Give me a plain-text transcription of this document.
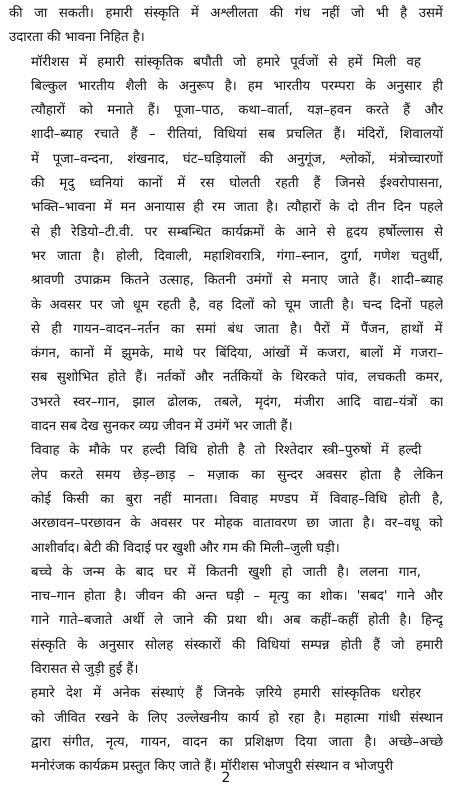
की जा सकती। हमारी संस्कृति में अश्लीलता की गंध नहीं जो भी है उसमें
उदारता की भावना निहित है।

मॉरीशस में हमारी सांस्कृतिक बपौती जो हमारे पूर्वजों से हमें मिली वह
बिल्कुल भारतीय शैली के अनुरूप है। हम भारतीय परम्परा के अनुसार ही
त्यौहारों को मनाते हैं। पूजा–पाठ, कथा–वार्ता, यज्ञ–हवन करते हैं और
शादी–ब्याह रचाते हैं – रीतियां, विधियां सब प्रचलित हैं। मंदिरों, शिवालयों
में पूजा–वन्दना, शंखनाद, घंट–घड़ियालों की अनुगूंज, श्लोकों, मंत्रोच्चारणों
की मृदु ध्वनियां कानों में रस घोलती रहती हैं जिनसे ईश्वरोपासना,
भक्ति–भावना में मन अनायास ही रम जाता है। त्यौहारों के दो तीन दिन पहले
से ही रेडियो–टी.वी. पर सम्बन्धित कार्यक्रमों के आने से हृदय हर्षोल्लास से
भर जाता है। होली, दिवाली, महाशिवरात्रि, गंगा–स्नान, दुर्गा, गणेश चतुर्थी,
श्रावणी उपाक्रम कितने उत्साह, कितनी उमंगों से मनाए जाते हैं। शादी–ब्याह
के अवसर पर जो धूम रहती है, वह दिलों को चूम जाती है। चन्द दिनों पहले
से ही गायन–वादन–नर्तन का समां बंध जाता है। पैरों में पैंजन, हाथों में
कंगन, कानों में झुमके, माथे पर बिंदिया, आंखों में कजरा, बालों में गजरा–
सब सुशोभित होते हैं। नर्तकों और नर्तकियों के थिरकते पांव, लचकती कमर,
उभरते स्वर–गान, झाल ढोलक, तबले, मृदंग, मंजीरा आदि वाद्य–यंत्रों का
वादन सब देख सुनकर व्यग्र जीवन में उमंगें भर जाती हैं।

विवाह के मौके पर हल्दी विधि होती है तो रिश्तेदार स्त्री–पुरुषों में हल्दी
लेप करते समय छेड़–छाड़ – मज़ाक का सुन्दर अवसर होता है लेकिन
कोई किसी का बुरा नहीं मानता। विवाह मण्डप में विवाह–विधि होती है,
अरछावन–परछावन के अवसर पर मोहक वातावरण छा जाता है। वर–वधू को
आशीर्वाद। बेटी की विदाई पर खुशी और गम की मिली–जुली घड़ी।

बच्चे के जन्म के बाद घर में कितनी खुशी हो जाती है। ललना गान,
नाच–गान होता है। जीवन की अन्त घड़ी – मृत्यु का शोक। 'सबद' गाने और
गाने गाते–बजाते अर्थी ले जाने की प्रथा थी। अब कहीं–कहीं होती है। हिन्दू
संस्कृति के अनुसार सोलह संस्कारों की विधियां सम्पन्न होती हैं जो हमारी
विरासत से जुड़ी हुई हैं।

हमारे देश में अनेक संस्थाएं हैं जिनके ज़रिये हमारी सांस्कृतिक धरोहर
को जीवित रखने के लिए उल्लेखनीय कार्य हो रहा है। महात्मा गांधी संस्थान
द्वारा संगीत, नृत्य, गायन, वादन का प्रशिक्षण दिया जाता है। अच्छे–अच्छे
मनोरंजक कार्यक्रम प्रस्तुत किए जाते हैं। मॉरीशस भोजपुरी संस्थान व भोजपुरी

2
